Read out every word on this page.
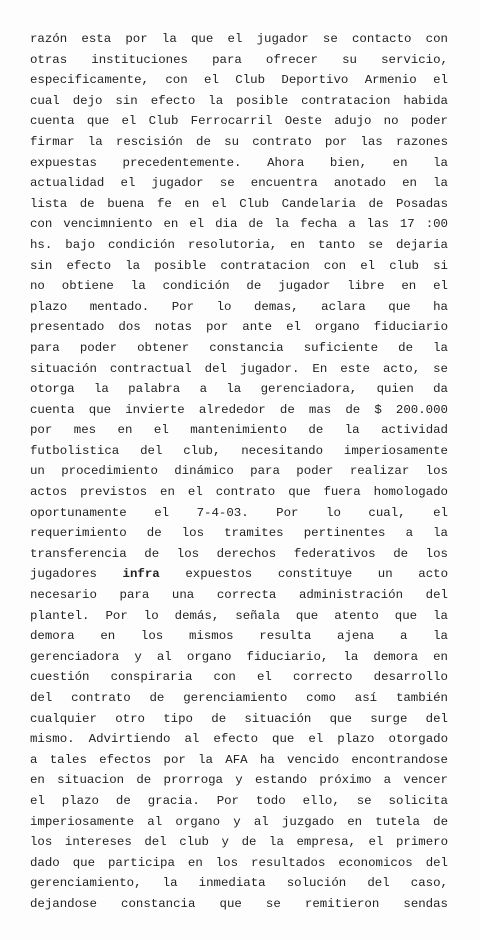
razón esta por la que el jugador se contacto con
otras instituciones para ofrecer su servicio,
especificamente, con el Club Deportivo Armenio el
cual dejo sin efecto la posible contratacion habida
cuenta que el Club Ferrocarril Oeste adujo no poder
firmar la rescisión de su contrato por las razones
expuestas precedentemente. Ahora bien, en la
actualidad el jugador se encuentra anotado en la
lista de buena fe en el Club Candelaria de Posadas
con vencimniento en el dia de la fecha a las 17 :00
hs. bajo condición resolutoria, en tanto se dejaria
sin efecto la posible contratacion con el club si
no obtiene la condición de jugador libre en el
plazo mentado. Por lo demas, aclara que ha
presentado dos notas por ante el organo fiduciario
para poder obtener constancia suficiente de la
situación contractual del jugador. En este acto, se
otorga la palabra a la gerenciadora, quien da
cuenta que invierte alrededor de mas de $ 200.000
por mes en el mantenimiento de la actividad
futbolistica del club, necesitando imperiosamente
un procedimiento dinámico para poder realizar los
actos previstos en el contrato que fuera homologado
oportunamente el 7-4-03. Por lo cual, el
requerimiento de los tramites pertinentes a la
transferencia de los derechos federativos de los
jugadores infra expuestos constituye un acto
necesario para una correcta administración del
plantel. Por lo demás, señala que atento que la
demora en los mismos resulta ajena a la
gerenciadora y al organo fiduciario, la demora en
cuestión conspiraria con el correcto desarrollo
del contrato de gerenciamiento como así también
cualquier otro tipo de situación que surge del
mismo. Advirtiendo al efecto que el plazo otorgado
a tales efectos por la AFA ha vencido encontrandose
en situacion de prorroga y estando próximo a vencer
el plazo de gracia. Por todo ello, se solicita
imperiosamente al organo y al juzgado en tutela de
los intereses del club y de la empresa, el primero
dado que participa en los resultados economicos del
gerenciamiento, la inmediata solución del caso,
dejandose constancia que se remitieron sendas
